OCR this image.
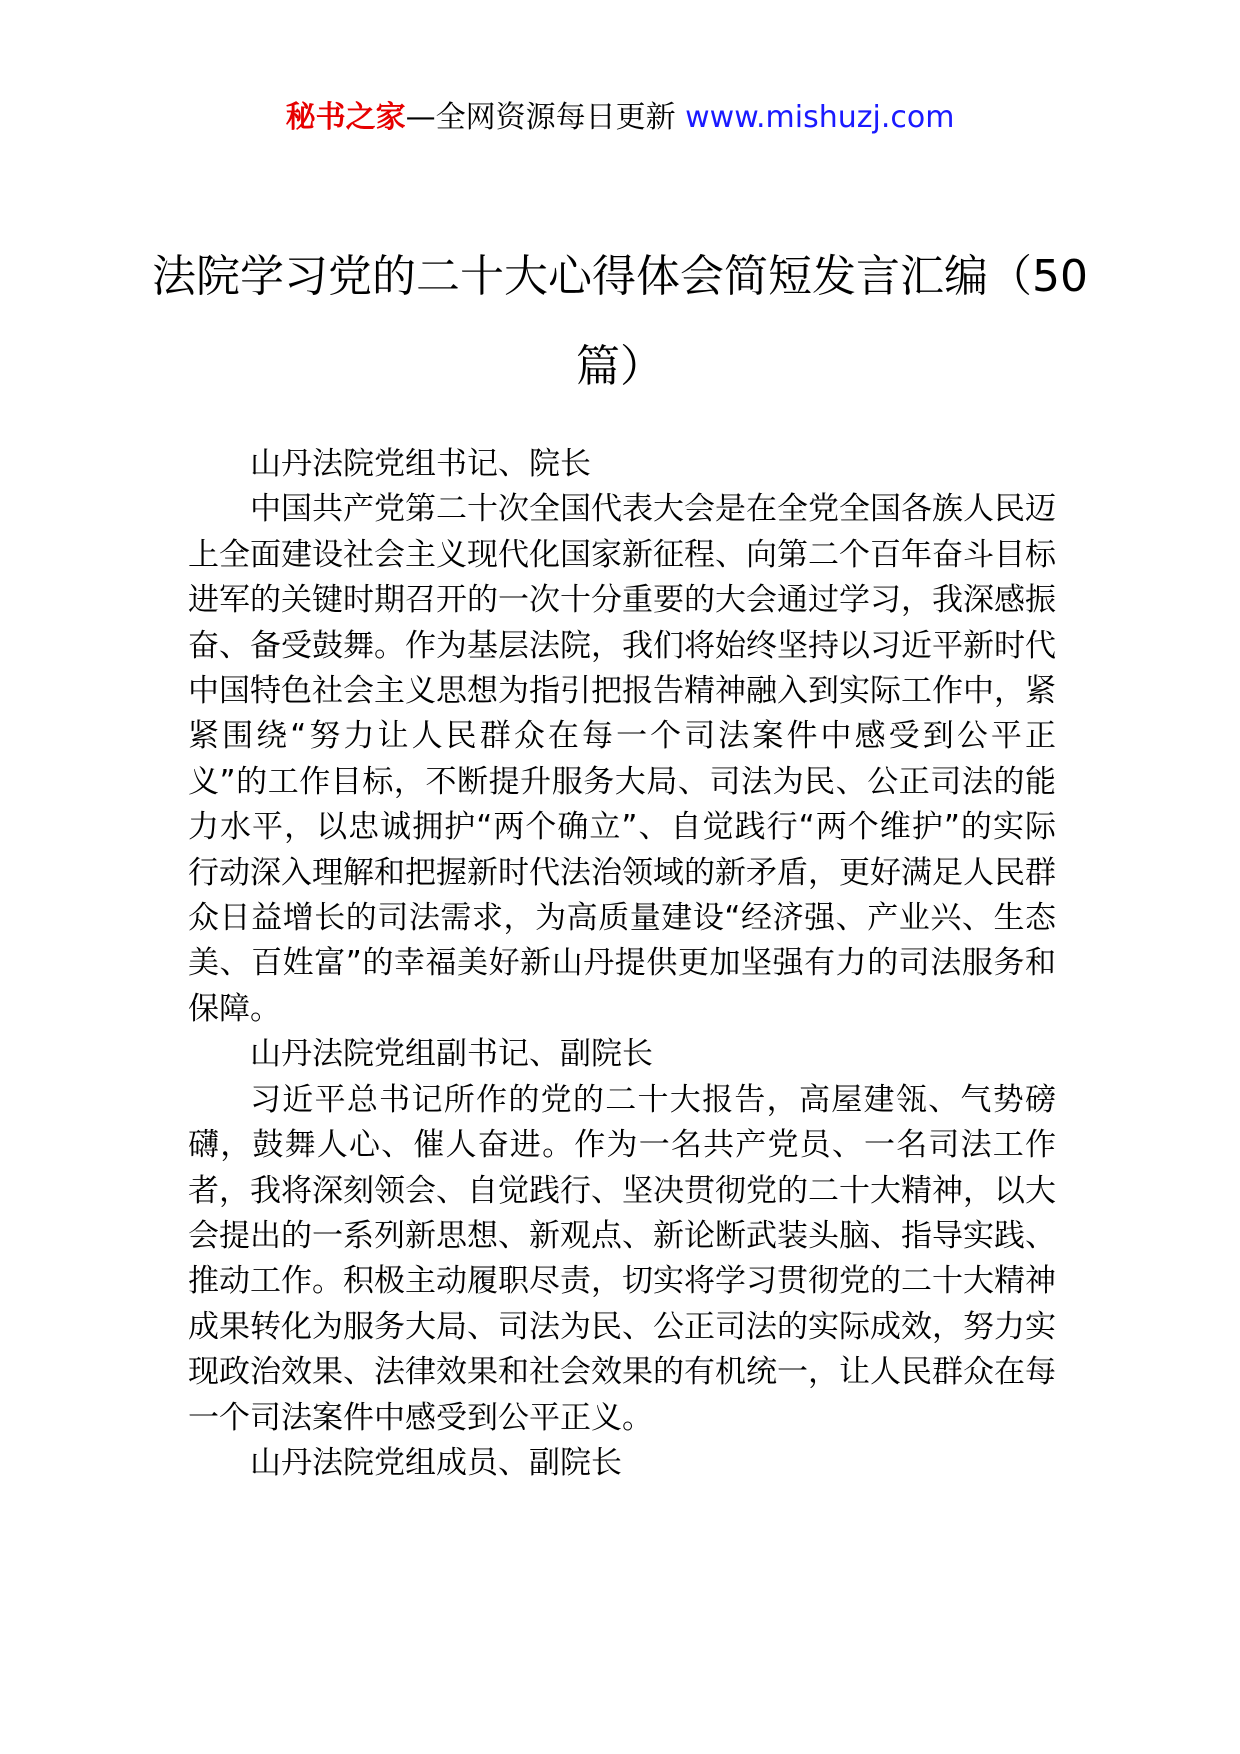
秘书之家—全网资源每日更新 www.mishuzj.com
法院学习党的二十大心得体会简短发言汇编（50篇）

山丹法院党组书记、院长

中国共产党第二十次全国代表大会是在全党全国各族人民迈上全面建设社会主义现代化国家新征程、向第二个百年奋斗目标进军的关键时期召开的一次十分重要的大会通过学习，我深感振奋、备受鼓舞。作为基层法院，我们将始终坚持以习近平新时代中国特色社会主义思想为指引把报告精神融入到实际工作中，紧紧围绕“努力让人民群众在每一个司法案件中感受到公平正义”的工作目标，不断提升服务大局、司法为民、公正司法的能力水平，以忠诚拥护“两个确立”、自觉践行“两个维护”的实际行动深入理解和把握新时代法治领域的新矛盾，更好满足人民群众日益增长的司法需求，为高质量建设“经济强、产业兴、生态美、百姓富”的幸福美好新山丹提供更加坚强有力的司法服务和保障。

山丹法院党组副书记、副院长

习近平总书记所作的党的二十大报告，高屋建瓴、气势磅礴，鼓舞人心、催人奋进。作为一名共产党员、一名司法工作者，我将深刻领会、自觉践行、坚决贯彻党的二十大精神，以大会提出的一系列新思想、新观点、新论断武装头脑、指导实践、推动工作。积极主动履职尽责，切实将学习贯彻党的二十大精神成果转化为服务大局、司法为民、公正司法的实际成效，努力实现政治效果、法律效果和社会效果的有机统一，让人民群众在每一个司法案件中感受到公平正义。

山丹法院党组成员、副院长
